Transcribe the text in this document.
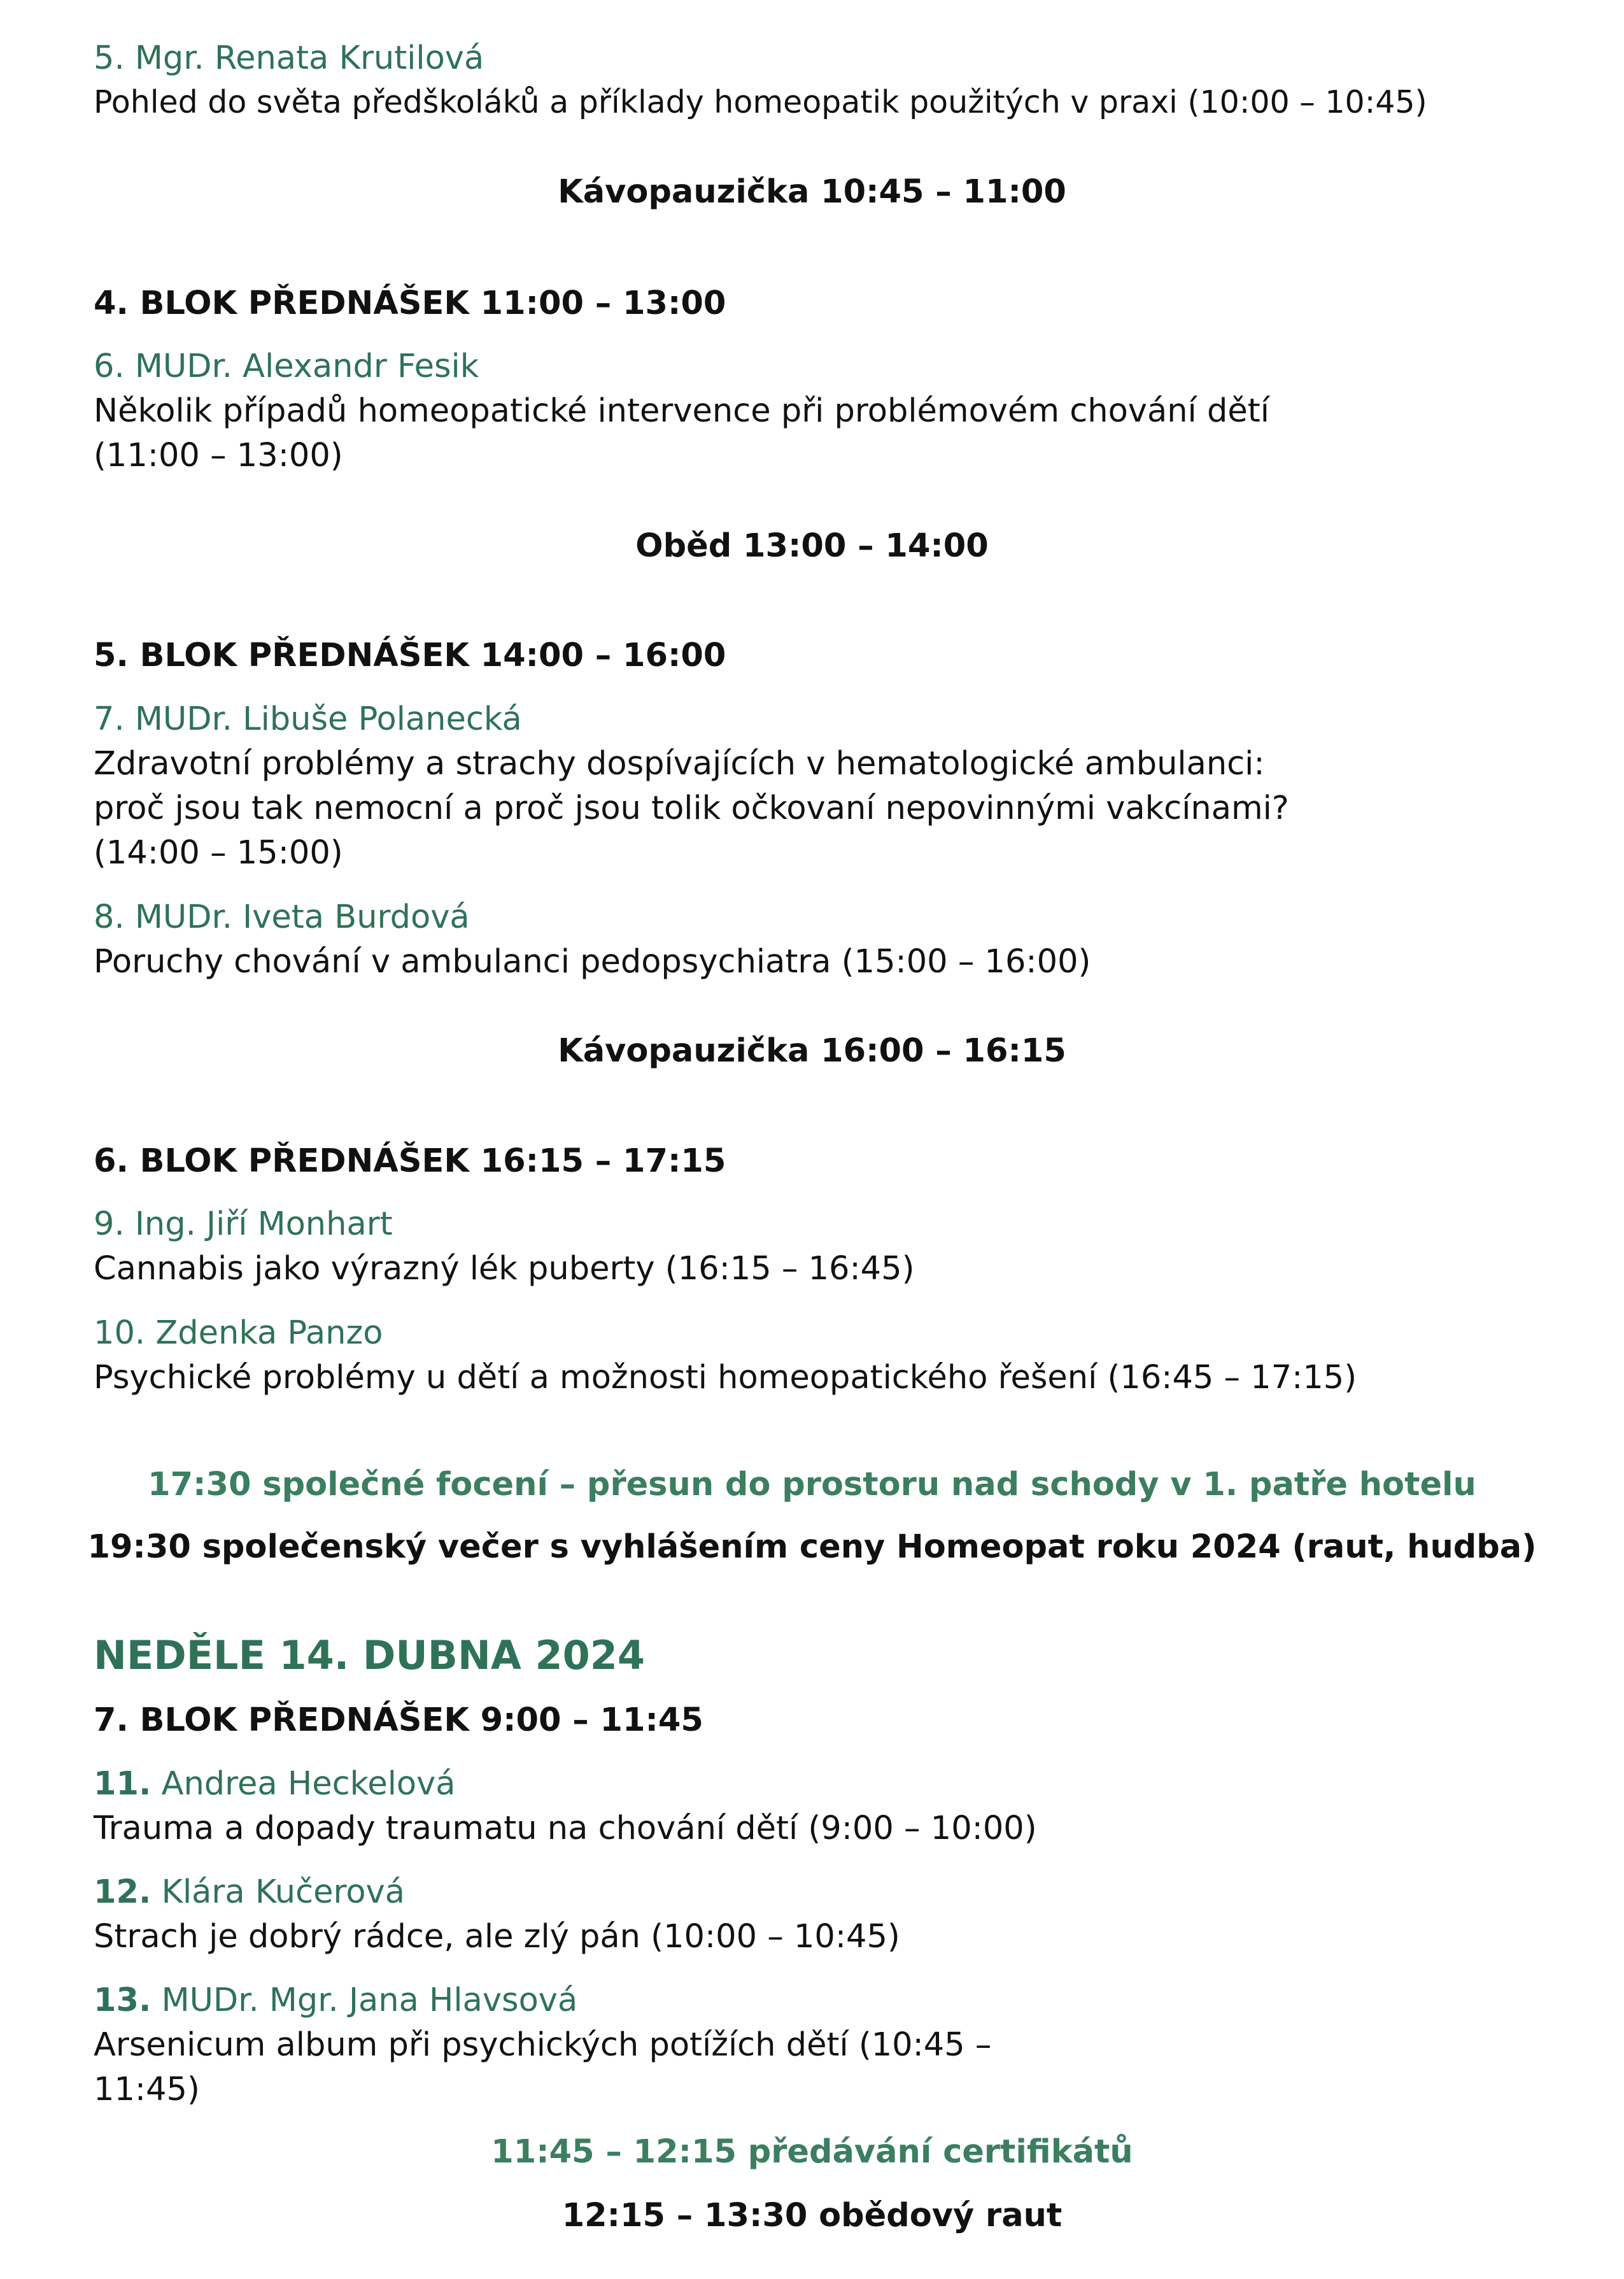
5. Mgr. Renata Krutilová
Pohled do světa předškoláků a příklady homeopatik použitých v praxi (10:00 – 10:45)
Kávopauzička 10:45 – 11:00
4. BLOK PŘEDNÁŠEK 11:00 – 13:00
6. MUDr. Alexandr Fesik
Několik případů homeopatické intervence při problémovém chování dětí
(11:00 – 13:00)
Oběd 13:00 – 14:00
5. BLOK PŘEDNÁŠEK 14:00 – 16:00
7. MUDr. Libuše Polanecká
Zdravotní problémy a strachy dospívajících v hematologické ambulanci:
proč jsou tak nemocní a proč jsou tolik očkovaní nepovinnými vakcínami?
(14:00 – 15:00)
8. MUDr. Iveta Burdová
Poruchy chování v ambulanci pedopsychiatra (15:00 – 16:00)
Kávopauzička 16:00 – 16:15
6. BLOK PŘEDNÁŠEK 16:15 – 17:15
9. Ing. Jiří Monhart
Cannabis jako výrazný lék puberty (16:15 – 16:45)
10. Zdenka Panzo
Psychické problémy u dětí a možnosti homeopatického řešení (16:45 – 17:15)
17:30 společné focení – přesun do prostoru nad schody v 1. patře hotelu
19:30 společenský večer s vyhlášením ceny Homeopat roku 2024 (raut, hudba)
NEDĚLE 14. DUBNA 2024
7. BLOK PŘEDNÁŠEK 9:00 – 11:45
11. Andrea Heckelová
Trauma a dopady traumatu na chování dětí (9:00 – 10:00)
12. Klára Kučerová
Strach je dobrý rádce, ale zlý pán (10:00 – 10:45)
13. MUDr. Mgr. Jana Hlavsová
Arsenicum album při psychických potížích dětí (10:45 –
11:45)
11:45 – 12:15 předávání certifikátů
12:15 – 13:30 obědový raut
